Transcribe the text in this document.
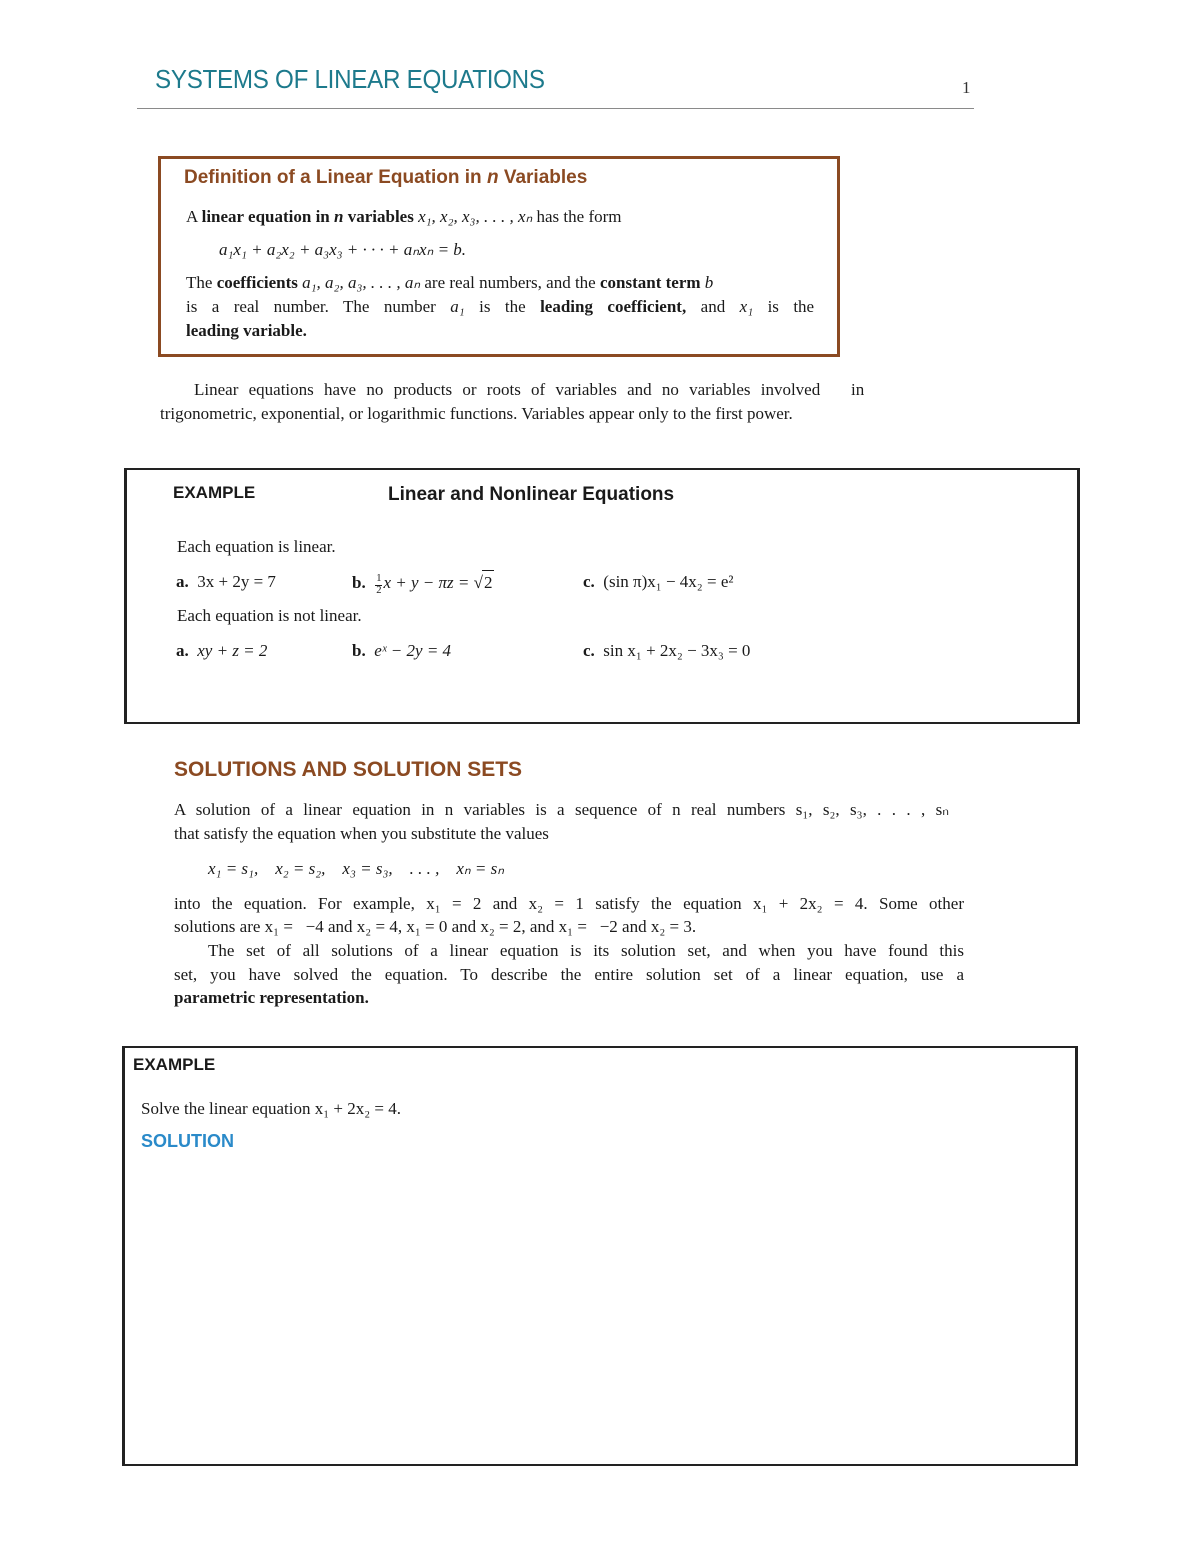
SYSTEMS OF LINEAR EQUATIONS	1
Definition of a Linear Equation in n Variables
A linear equation in n variables x₁, x₂, x₃, . . . , xₙ has the form
a₁x₁ + a₂x₂ + a₃x₃ + · · · + aₙxₙ = b.
The coefficients a₁, a₂, a₃, . . . , aₙ are real numbers, and the constant term b
is a real number. The number a₁ is the leading coefficient, and x₁ is the
leading variable.
Linear equations have no products or roots of variables and no variables involved   in
trigonometric, exponential, or logarithmic functions. Variables appear only to the first power.
EXAMPLE	Linear and Nonlinear Equations
Each equation is linear.
a. 3x + 2y = 7	b. $\frac{1}{2}$ x + y − πz = √2	c. (sin π)x₁ − 4x₂ = e²
Each equation is not linear.
a. xy + z = 2	b. eˣ − 2y = 4	c. sin x₁ + 2x₂ − 3x₃ = 0
SOLUTIONS AND SOLUTION SETS
A solution of a linear equation in n variables is a sequence of n real numbers s₁, s₂, s₃, . . . , sₙ
that satisfy the equation when you substitute the values
x₁ = s₁,    x₂ = s₂,    x₃ = s₃,    . . . ,    xₙ = sₙ
into the equation. For example, x₁ = 2 and x₂ = 1 satisfy the equation x₁ + 2x₂ = 4. Some other
solutions are x₁ =   −4 and x₂ = 4, x₁ = 0 and x₂ = 2, and x₁ =   −2 and x₂ = 3.
The set of all solutions of a linear equation is its solution set, and when you have found this
set, you have solved the equation. To describe the entire solution set of a linear equation, use a
parametric representation.
EXAMPLE
Solve the linear equation x₁ + 2x₂ = 4.
SOLUTION
